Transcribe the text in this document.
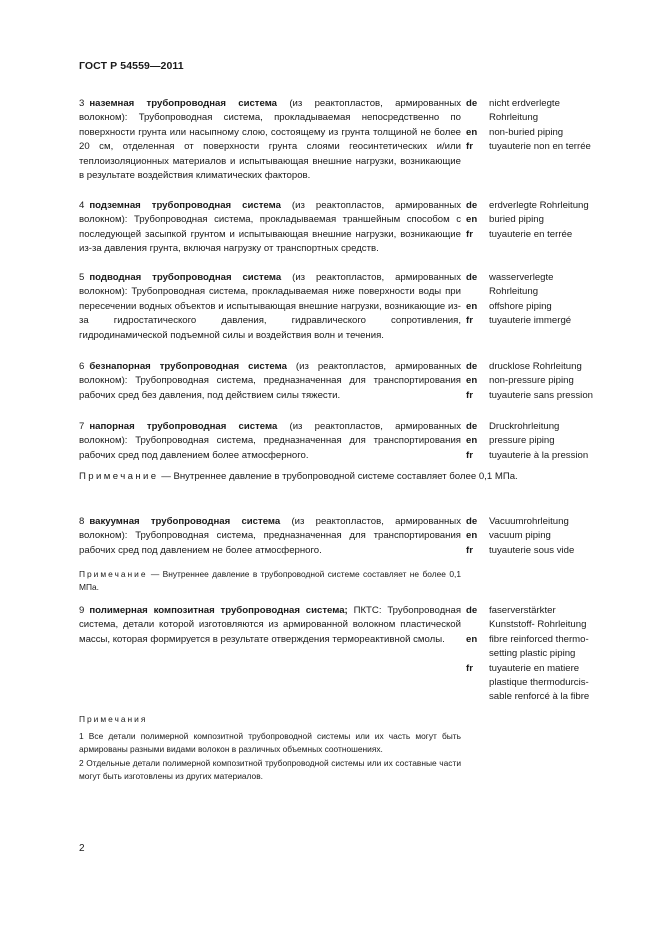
ГОСТ Р 54559—2011

3 наземная трубопроводная система (из реактопластов, армированных волокном): Трубопроводная система, прокладываемая непосредственно по поверхности грунта или насыпному слою, состоящему из грунта толщиной не более 20 см, отделенная от поверхности грунта слоями геосинтетических и/или теплоизоляционных материалов и испытывающая внешние нагрузки, возникающие в результате воздействия климатических факторов.

de	nicht erdverlegte
Rohrleitung
en	non-buried piping
fr	tuyauterie non en terrée

4 подземная трубопроводная система (из реактопластов, армированных волокном): Трубопроводная система, прокладываемая траншейным способом с последующей засыпкой грунтом и испытывающая внешние нагрузки, возникающие из-за давления грунта, включая нагрузку от транспортных средств.

de	erdverlegte Rohrleitung
en	buried piping
fr	tuyauterie en terrée

5 подводная трубопроводная система (из реактопластов, армированных волокном): Трубопроводная система, прокладываемая ниже поверхности воды при пересечении водных объектов и испытывающая внешние нагрузки, возникающие из-за гидростатического давления, гидравлического сопротивления, гидродинамической подъемной силы и воздействия волн и течения.

de	wasserverlegte
Rohrleitung
en	offshore piping
fr	tuyauterie immergé

6 безнапорная трубопроводная система (из реактопластов, армированных волокном): Трубопроводная система, предназначенная для транспортирования рабочих сред без давления, под действием силы тяжести.

de	drucklose Rohrleitung
en	non-pressure piping
fr	tuyauterie sans pression

7 напорная трубопроводная система (из реактопластов, армированных волокном): Трубопроводная система, предназначенная для транспортирования рабочих сред под давлением более атмосферного.

de	Druckrohrleitung
en	pressure piping
fr	tuyauterie à la pression
Примечание — Внутреннее давление в трубопроводной системе составляет более 0,1 МПа.

8 вакуумная трубопроводная система (из реактопластов, армированных волокном): Трубопроводная система, предназначенная для транспортирования рабочих сред под давлением не более атмосферного.

de	Vacuumrohrleitung
en	vacuum piping
fr	tuyauterie sous vide
Примечание — Внутреннее давление в трубопроводной системе составляет не более 0,1 МПа.

9 полимерная композитная трубопроводная система; ПКТС: Трубопроводная система, детали которой изготовляются из армированной волокном пластической массы, которая формируется в результате отверждения термореактивной смолы.

de	faserverstärkter
Kunststoff- Rohrleitung
en	fibre reinforced thermo-
setting plastic piping
fr	tuyauterie en matiere
plastique thermodurcis-
sable renforcé à la fibre
Примечания

1 Все детали полимерной композитной трубопроводной системы или их часть могут быть армированы разными видами волокон в различных объемных соотношениях.

2 Отдельные детали полимерной композитной трубопроводной системы или их составные части могут быть изготовлены из других материалов.

2
